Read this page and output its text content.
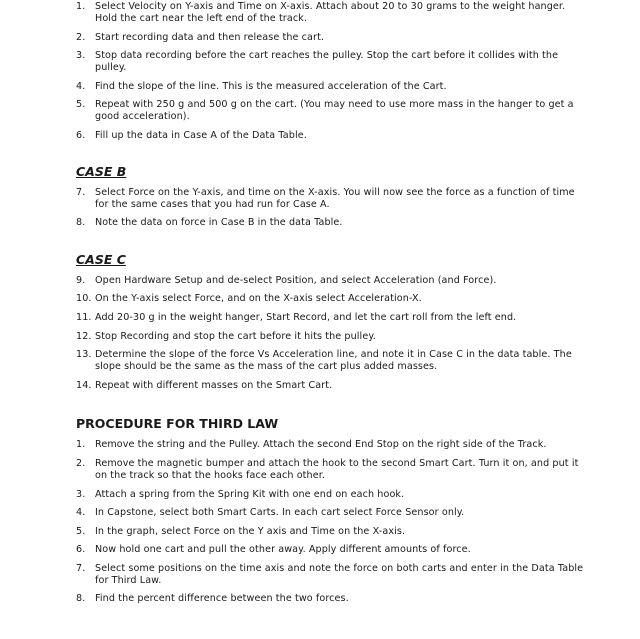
1.	Select Velocity on Y-axis and Time on X-axis. Attach about 20 to 30 grams to the weight hanger. Hold the cart near the left end of the track.
2.	Start recording data and then release the cart.
3.	Stop data recording before the cart reaches the pulley. Stop the cart before it collides with the pulley.
4.	Find the slope of the line. This is the measured acceleration of the Cart.
5.	Repeat with 250 g and 500 g on the cart. (You may need to use more mass in the hanger to get a good acceleration).
6.	Fill up the data in Case A of the Data Table.
CASE B
7.	Select Force on the Y-axis, and time on the X-axis. You will now see the force as a function of time for the same cases that you had run for Case A.
8.	Note the data on force in Case B in the data Table.
CASE C
9.	Open Hardware Setup and de-select Position, and select Acceleration (and Force).
10. On the Y-axis select Force, and on the X-axis select Acceleration-X.
11. Add 20-30 g in the weight hanger, Start Record, and let the cart roll from the left end.
12. Stop Recording and stop the cart before it hits the pulley.
13. Determine the slope of the force Vs Acceleration line, and note it in Case C in the data table. The slope should be the same as the mass of the cart plus added masses.
14. Repeat with different masses on the Smart Cart.
PROCEDURE FOR THIRD LAW
1.	Remove the string and the Pulley. Attach the second End Stop on the right side of the Track.
2.	Remove the magnetic bumper and attach the hook to the second Smart Cart. Turn it on, and put it on the track so that the hooks face each other.
3.	Attach a spring from the Spring Kit with one end on each hook.
4.	In Capstone, select both Smart Carts. In each cart select Force Sensor only.
5.	In the graph, select Force on the Y axis and Time on the X-axis.
6.	Now hold one cart and pull the other away. Apply different amounts of force.
7.	Select some positions on the time axis and note the force on both carts and enter in the Data Table for Third Law.
8.	Find the percent difference between the two forces.
